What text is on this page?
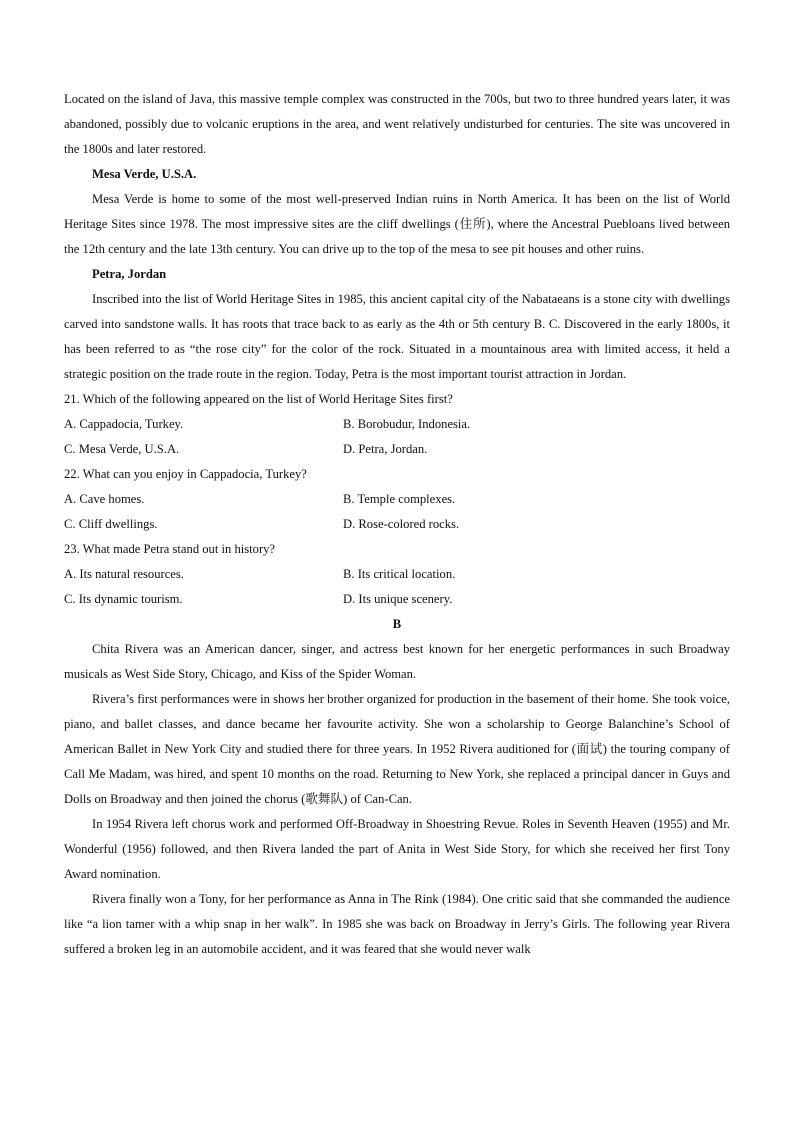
Located on the island of Java, this massive temple complex was constructed in the 700s, but two to three hundred years later, it was abandoned, possibly due to volcanic eruptions in the area, and went relatively undisturbed for centuries. The site was uncovered in the 1800s and later restored.

Mesa Verde, U.S.A.

Mesa Verde is home to some of the most well-preserved Indian ruins in North America. It has been on the list of World Heritage Sites since 1978. The most impressive sites are the cliff dwellings (住所), where the Ancestral Puebloans lived between the 12th century and the late 13th century. You can drive up to the top of the mesa to see pit houses and other ruins.

Petra, Jordan

Inscribed into the list of World Heritage Sites in 1985, this ancient capital city of the Nabataeans is a stone city with dwellings carved into sandstone walls. It has roots that trace back to as early as the 4th or 5th century B. C. Discovered in the early 1800s, it has been referred to as “the rose city” for the color of the rock. Situated in a mountainous area with limited access, it held a strategic position on the trade route in the region. Today, Petra is the most important tourist attraction in Jordan.

21. Which of the following appeared on the list of World Heritage Sites first?

A. Cappadocia, Turkey.	B. Borobudur, Indonesia.
C. Mesa Verde, U.S.A.	D. Petra, Jordan.

22. What can you enjoy in Cappadocia, Turkey?

A. Cave homes.	B. Temple complexes.
C. Cliff dwellings.	D. Rose-colored rocks.

23. What made Petra stand out in history?

A. Its natural resources.	B. Its critical location.
C. Its dynamic tourism.	D. Its unique scenery.

B

Chita Rivera was an American dancer, singer, and actress best known for her energetic performances in such Broadway musicals as West Side Story, Chicago, and Kiss of the Spider Woman.

Rivera’s first performances were in shows her brother organized for production in the basement of their home. She took voice, piano, and ballet classes, and dance became her favourite activity. She won a scholarship to George Balanchine’s School of American Ballet in New York City and studied there for three years. In 1952 Rivera auditioned for (面试) the touring company of Call Me Madam, was hired, and spent 10 months on the road. Returning to New York, she replaced a principal dancer in Guys and Dolls on Broadway and then joined the chorus (歌舞队) of Can-Can.

In 1954 Rivera left chorus work and performed Off-Broadway in Shoestring Revue. Roles in Seventh Heaven (1955) and Mr. Wonderful (1956) followed, and then Rivera landed the part of Anita in West Side Story, for which she received her first Tony Award nomination.

Rivera finally won a Tony, for her performance as Anna in The Rink (1984). One critic said that she commanded the audience like “a lion tamer with a whip snap in her walk”. In 1985 she was back on Broadway in Jerry’s Girls. The following year Rivera suffered a broken leg in an automobile accident, and it was feared that she would never walk
